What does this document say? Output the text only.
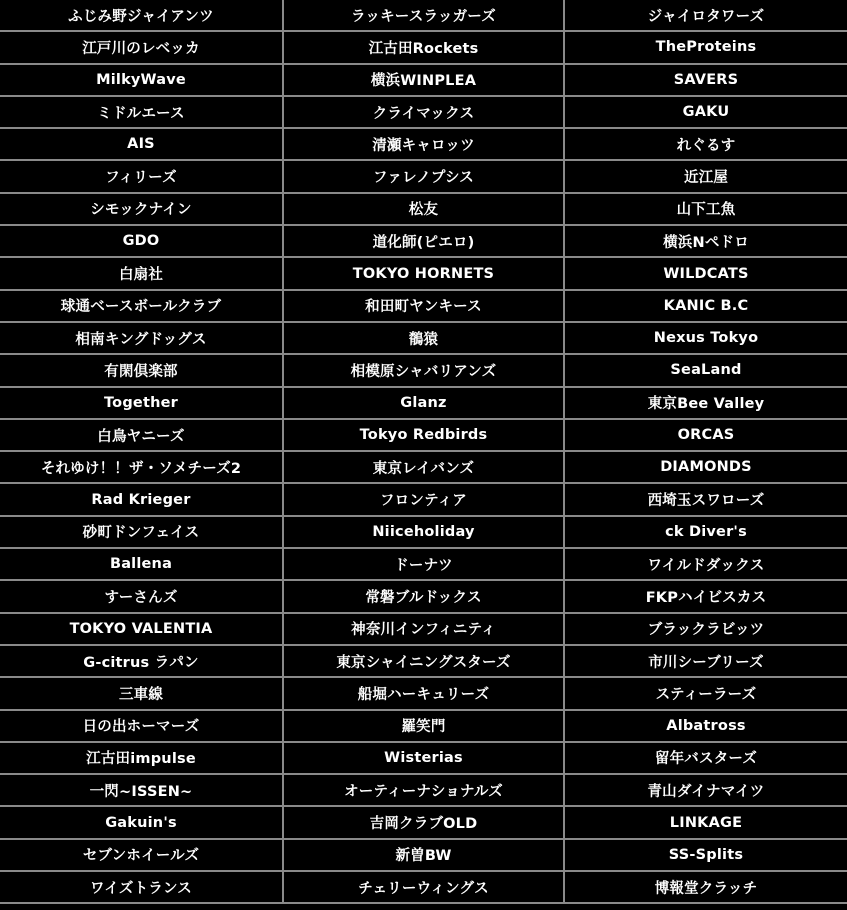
ふじみ野ジャイアンツ	ラッキースラッガーズ	ジャイロタワーズ
江戸川のレベッカ	江古田Rockets	TheProteins
MilkyWave	横浜WINPLEA	SAVERS
ミドルエース	クライマックス	GAKU
AIS	清瀬キャロッツ	れぐるす
フィリーズ	ファレノプシス	近江屋
シモックナイン	松友	山下工魚
GDO	道化師(ピエロ)	横浜Nペドロ
白扇社	TOKYO HORNETS	WILDCATS
球通ベースボールクラブ	和田町ヤンキース	KANIC B.C
相南キングドッグス	鶺猿	Nexus Tokyo
有閑倶楽部	相模原シャバリアンズ	SeaLand
Together	Glanz	東京Bee Valley
白鳥ヤニーズ	Tokyo Redbirds	ORCAS
それゆけ！！ザ・ソメチーズ2	東京レイバンズ	DIAMONDS
Rad Krieger	フロンティア	西埼玉スワローズ
砂町ドンフェイス	Niiceholiday	ck Diver's
Ballena	ドーナツ	ワイルドダックス
すーさんズ	常磐ブルドックス	FKPハイビスカス
TOKYO VALENTIA	神奈川インフィニティ	ブラックラビッツ
G-citrus ラパン	東京シャイニングスターズ	市川シーブリーズ
三車線	船堀ハーキュリーズ	スティーラーズ
日の出ホーマーズ	羅笑門	Albatross
江古田impulse	Wisterias	留年バスターズ
一閃~ISSEN~	オーティーナショナルズ	青山ダイナマイツ
Gakuin's	吉岡クラブOLD	LINKAGE
セブンホイールズ	新曽BW	SS-Splits
ワイズトランス	チェリーウィングス	博報堂クラッチ
